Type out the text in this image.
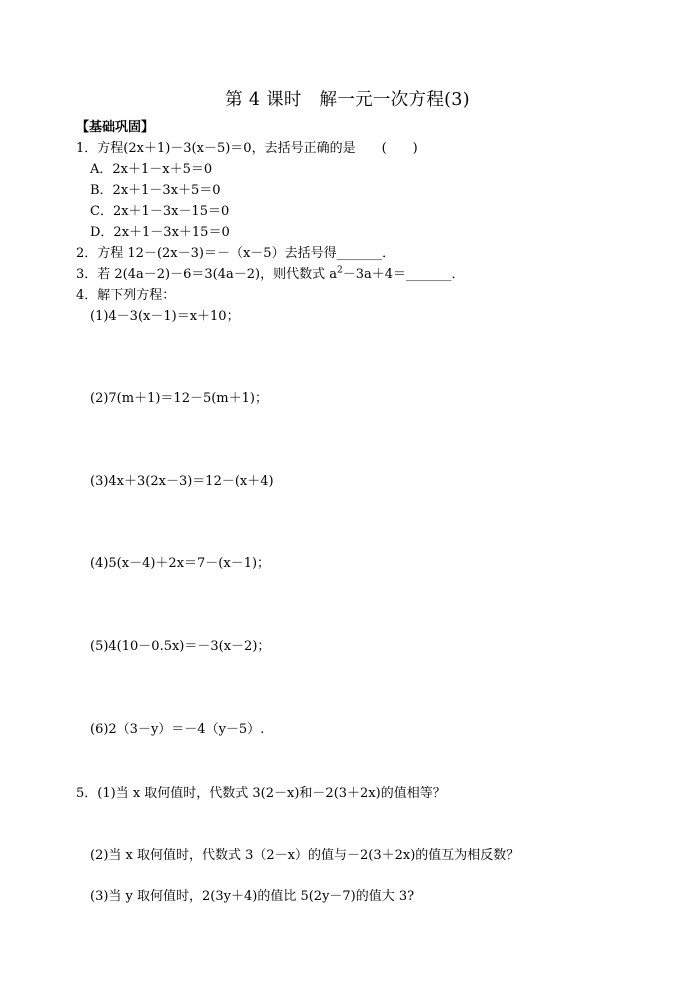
第 4 课时　解一元一次方程(3)
【基础巩固】
1．方程(2x＋1)－3(x－5)＝0，去括号正确的是　　(　　)
A．2x＋1－x＋5＝0
B．2x＋1－3x＋5＝0
C．2x＋1－3x－15＝0
D．2x＋1－3x＋15＝0
2．方程 12－(2x－3)＝－（x－5）去括号得_______．
3．若 2(4a－2)－6＝3(4a－2)，则代数式 $a^2-3a+4=\_\_\_\_\_\_\_$．
4．解下列方程：
(1)4－3(x－1)＝x＋10；
(2)7(m＋1)＝12－5(m＋1)；
(3)4x＋3(2x－3)＝12－(x＋4)
(4)5(x－4)＋2x＝7－(x－1)；
(5)4(10－0.5x)＝－3(x－2)；
(6)2（3－y）＝－4（y－5）.
5．(1)当 x 取何值时，代数式 3(2－x)和－2(3＋2x)的值相等？
(2)当 x 取何值时，代数式 3（2－x）的值与－2(3＋2x)的值互为相反数？
(3)当 y 取何值时，2(3y＋4)的值比 5(2y－7)的值大 3?
